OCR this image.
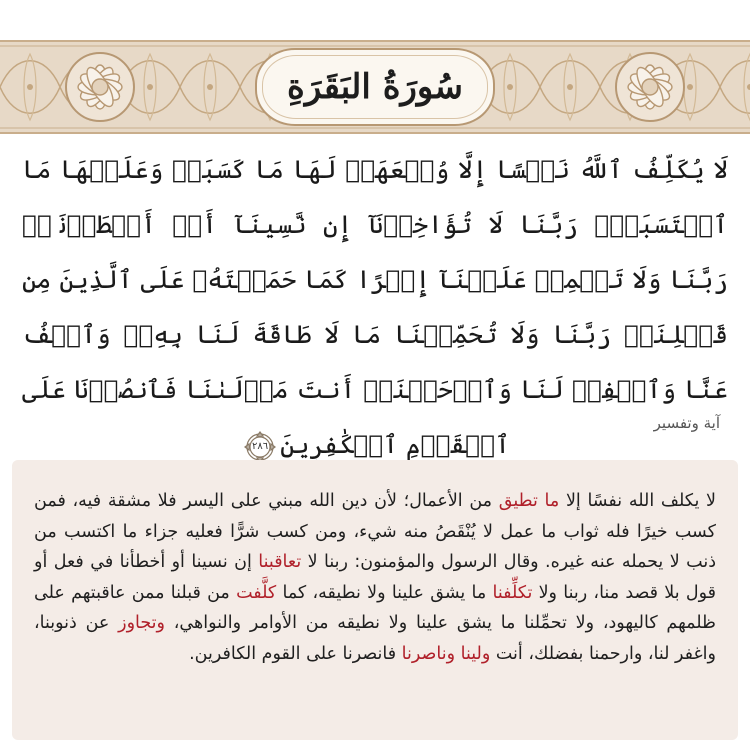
سُورَةُ البَقَرَةِ
لَا يُكَلِّفُ ٱللَّهُ نَفۡسًا إِلَّا وُسۡعَهَاۚ لَهَا مَا كَسَبَتۡ وَعَلَيۡهَا مَا ٱكۡتَسَبَتۡۗ رَبَّنَا لَا تُؤَاخِذۡنَآ إِن نَّسِينَآ أَوۡ أَخۡطَأۡنَاۚ رَبَّنَا وَلَا تَحۡمِلۡ عَلَيۡنَآ إِصۡرًا كَمَا حَمَلۡتَهُۥ عَلَى ٱلَّذِينَ مِن قَبۡلِنَاۚ رَبَّنَا وَلَا تُحَمِّلۡنَا مَا لَا طَاقَةَ لَنَا بِهِۦۖ وَٱعۡفُ عَنَّا وَٱغۡفِرۡ لَنَا وَٱرۡحَمۡنَآۚ أَنتَ مَوۡلَىٰنَا فَٱنصُرۡنَا عَلَى ٱلۡقَوۡمِ ٱلۡكَٰفِرِينَ
٢٨٦
آية وتفسير

لا يكلف الله نفسًا إلا ما تطيق من الأعمال؛ لأن دين الله مبني على اليسر فلا مشقة فيه، فمن كسب خيرًا فله ثواب ما عمل لا يُنْقَصُ منه شيء، ومن كسب شرًّا فعليه جزاء ما اكتسب من ذنب لا يحمله عنه غيره. وقال الرسول والمؤمنون: ربنا لا تعاقبنا إن نسينا أو أخطأنا في فعل أو قول بلا قصد منا، ربنا ولا تكلِّفنا ما يشق علينا ولا نطيقه، كما كلَّفت من قبلنا ممن عاقبتهم على ظلمهم كاليهود، ولا تحمِّلنا ما يشق علينا ولا نطيقه من الأوامر والنواهي، وتجاوز عن ذنوبنا، واغفر لنا، وارحمنا بفضلك، أنت ولينا وناصرنا فانصرنا على القوم الكافرين.
